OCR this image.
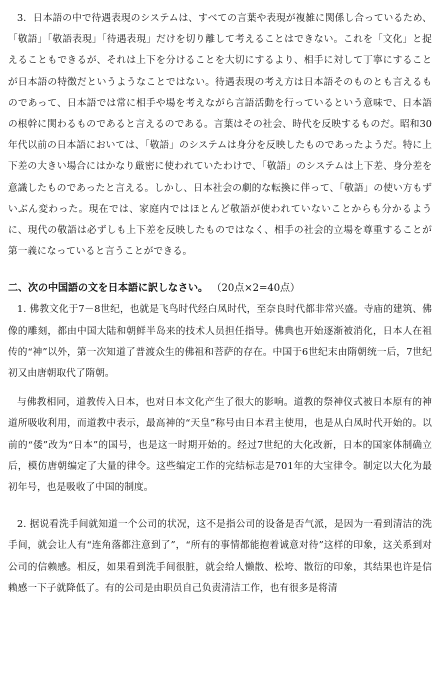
3．日本語の中で待遇表現のシステムは、すべての言葉や表現が複雑に関係し合っているため、「敬語」「敬語表現」「待遇表現」だけを切り離して考えることはできない。これを「文化」と捉えることもできるが、それは上下を分けることを大切にするより、相手に対して丁寧にすることが日本語の特徴だというようなことではない。待遇表現の考え方は日本語そのものとも言えるものであって、日本語では常に相手や場を考えながら言語活動を行っているという意味で、日本語の根幹に関わるものであると言えるのである。言葉はその社会、時代を反映するものだ。昭和30年代以前の日本語においては、「敬語」のシステムは身分を反映したものであったようだ。特に上下差の大きい場合にはかなり厳密に使われていたわけで、「敬語」のシステムは上下差、身分差を意識したものであったと言える。しかし、日本社会の劇的な転換に伴って、「敬語」の使い方もずいぶん変わった。現在では、家庭内ではほとんど敬語が使われていないことからも分かるように、現代の敬語は必ずしも上下差を反映したものではなく、相手の社会的立場を尊重することが第一義になっていると言うことができる。

二、次の中国語の文を日本語に訳しなさい。 （20点×2=40点）

1. 佛教文化于7－8世纪，也就是飞鸟时代经白凤时代，至奈良时代都非常兴盛。寺庙的建筑、佛像的雕刻，都由中国大陆和朝鲜半岛来的技术人员担任指导。佛典也开始逐渐被消化，日本人在祖传的“神”以外，第一次知道了普渡众生的佛祖和菩萨的存在。中国于6世纪末由隋朝统一后，7世纪初又由唐朝取代了隋朝。

与佛教相同，道教传入日本，也对日本文化产生了很大的影响。道教的祭神仪式被日本原有的神道所吸收利用，而道教中表示，最高神的“天皇”称号由日本君主使用，也是从白凤时代开始的。以前的“倭”改为“日本”的国号，也是这一时期开始的。经过7世纪的大化改新，日本的国家体制确立后，模仿唐朝编定了大量的律令。这些编定工作的完结标志是701年的大宝律令。制定以大化为最初年号，也是吸收了中国的制度。

2. 据说看洗手间就知道一个公司的状况，这不是指公司的设备是否气派，是因为一看到清洁的洗手间，就会让人有“连角落都注意到了”，“所有的事情都能抱着诚意对待”这样的印象，这关系到对公司的信赖感。相反，如果看到洗手间很脏，就会给人懒散、松垮、散衍的印象，其结果也许是信赖感一下子就降低了。有的公司是由职员自己负责清洁工作，也有很多是将清
